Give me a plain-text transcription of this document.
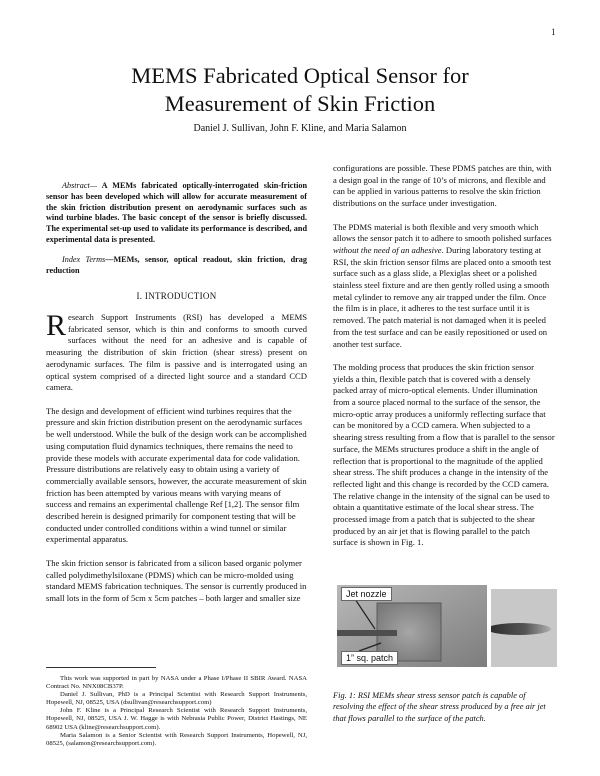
1
MEMS Fabricated Optical Sensor for
Measurement of Skin Friction
Daniel J. Sullivan, John F. Kline, and Maria Salamon

Abstract— A MEMs fabricated optically-interrogated skin-friction sensor has been developed which will allow for accurate measurement of the skin friction distribution present on aerodynamic surfaces such as wind turbine blades. The basic concept of the sensor is briefly discussed. The experimental set-up used to validate its performance is described, and experimental data is presented.

Index Terms—MEMs, sensor, optical readout, skin friction, drag reduction

I. INTRODUCTION

Research Support Instruments (RSI) has developed a MEMS fabricated sensor, which is thin and conforms to smooth curved surfaces without the need for an adhesive and is capable of measuring the distribution of skin friction (shear stress) present on aerodynamic surfaces. The film is passive and is interrogated using an optical system comprised of a directed light source and a standard CCD camera.

The design and development of efficient wind turbines requires that the pressure and skin friction distribution present on the aerodynamic surfaces be well understood. While the bulk of the design work can be accomplished using computation fluid dynamics techniques, there remains the need to provide these models with accurate experimental data for code validation. Pressure distributions are relatively easy to obtain using a variety of commercially available sensors, however, the accurate measurement of skin friction has been attempted by various means with varying means of success and remains an experimental challenge Ref [1,2]. The sensor film described herein is designed primarily for component testing that will be conducted under controlled conditions within a wind tunnel or similar experimental apparatus.

The skin friction sensor is fabricated from a silicon based organic polymer called polydimethylsiloxane (PDMS) which can be micro-molded using standard MEMS fabrication techniques. The sensor is currently produced in small lots in the form of 5cm x 5cm patches – both larger and smaller size

This work was supported in part by NASA under a Phase I/Phase II SBIR Award. NASA Contract No. NNX08CB37P.

Daniel J. Sullivan, PhD is a Principal Scientist with Research Support Instruments, Hopewell, NJ, 08525, USA (dsullivan@researchsupport.com)

John F. Kline is a Principal Research Scientist with Research Support Instruments, Hopewell, NJ, 08525, USA J. W. Hagge is with Nebrasia Public Power, District Hastings, NE 68902 USA (kline@researchsupport.com).

Maria Salamon is a Senior Scientist with Research Support Instruments, Hopewell, NJ, 08525, (salamon@researchsupport.com).

configurations are possible. These PDMS patches are thin, with a design goal in the range of 10’s of microns, and flexible and can be applied in various patterns to resolve the skin friction distributions on the surface under investigation.

The PDMS material is both flexible and very smooth which allows the sensor patch it to adhere to smooth polished surfaces without the need of an adhesive. During laboratory testing at RSI, the skin friction sensor films are placed onto a smooth test surface such as a glass slide, a Plexiglas sheet or a polished stainless steel fixture and are then gently rolled using a smooth metal cylinder to remove any air trapped under the film. Once the film is in place, it adheres to the test surface until it is removed. The patch material is not damaged when it is peeled from the test surface and can be easily repositioned or used on another test surface.

The molding process that produces the skin friction sensor yields a thin, flexible patch that is covered with a densely packed array of micro-optical elements. Under illumination from a source placed normal to the surface of the sensor, the micro-optic array produces a uniformly reflecting surface that can be monitored by a CCD camera. When subjected to a shearing stress resulting from a flow that is parallel to the sensor surface, the MEMs structures produce a shift in the angle of reflection that is proportional to the magnitude of the applied shear stress. The shift produces a change in the intensity of the reflected light and this change is recorded by the CCD camera. The relative change in the intensity of the signal can be used to obtain a quantitative estimate of the local shear stress. The processed image from a patch that is subjected to the shear produced by an air jet that is flowing parallel to the patch surface is shown in Fig. 1.

Jet nozzle
1” sq. patch
Fig. 1: RSI MEMs shear stress sensor patch is capable of resolving the effect of the shear stress produced by a free air jet that flows parallel to the surface of the patch.
